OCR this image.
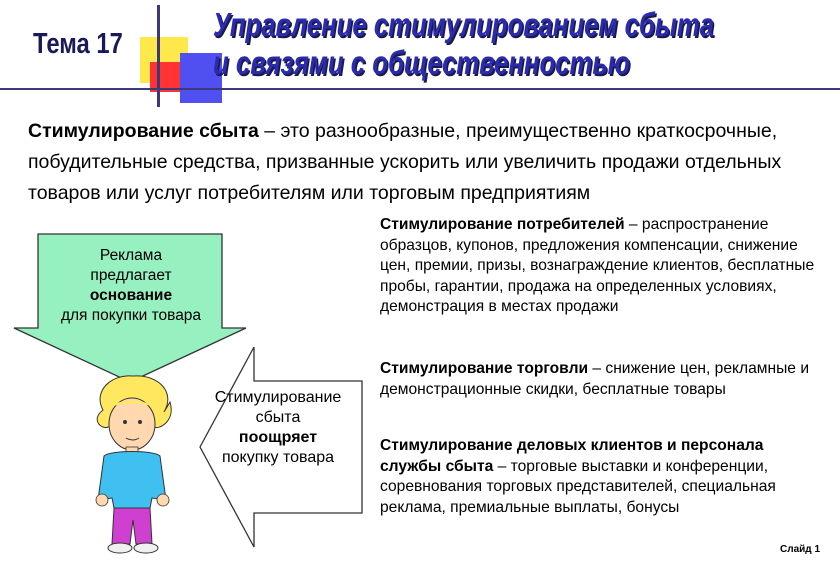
Тема 17
Управление стимулированием сбыта
и связями с общественностью
Стимулирование сбыта – это разнообразные, преимущественно краткосрочные, побудительные средства, призванные ускорить или увеличить продажи отдельных товаров или услуг потребителям или торговым предприятиям
Реклама
предлагает
основание
для покупки товара
Стимулирование
сбыта
поощряет
покупку товара
Стимулирование потребителей – распространение образцов, купонов, предложения компенсации, снижение цен, премии, призы, вознаграждение клиентов, бесплатные пробы, гарантии, продажа на определенных условиях, демонстрация в местах продажи
Стимулирование торговли – снижение цен, рекламные и демонстрационные скидки, бесплатные товары
Стимулирование деловых клиентов и персонала службы сбыта – торговые выставки и конференции, соревнования торговых представителей, специальная реклама, премиальные выплаты, бонусы
Слайд 1
